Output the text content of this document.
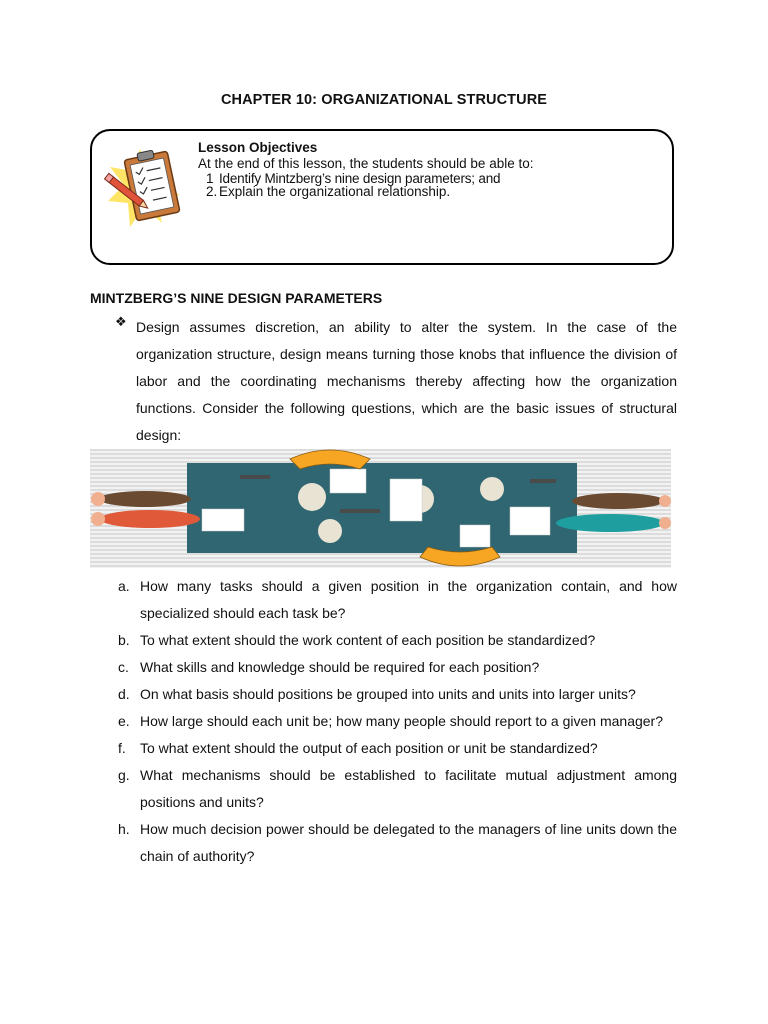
CHAPTER 10: ORGANIZATIONAL STRUCTURE
Lesson Objectives
At the end of this lesson, the students should be able to:
1 Identify Mintzberg’s nine design parameters; and
2. Explain the organizational relationship.
MINTZBERG’S NINE DESIGN PARAMETERS
❖ Design assumes discretion, an ability to alter the system. In the case of the organization structure, design means turning those knobs that influence the division of labor and the coordinating mechanisms thereby affecting how the organization functions. Consider the following questions, which are the basic issues of structural design:
a. How many tasks should a given position in the organization contain, and how specialized should each task be?
b. To what extent should the work content of each position be standardized?
c. What skills and knowledge should be required for each position?
d. On what basis should positions be grouped into units and units into larger units?
e. How large should each unit be; how many people should report to a given manager?
f. To what extent should the output of each position or unit be standardized?
g. What mechanisms should be established to facilitate mutual adjustment among positions and units?
h. How much decision power should be delegated to the managers of line units down the chain of authority?
